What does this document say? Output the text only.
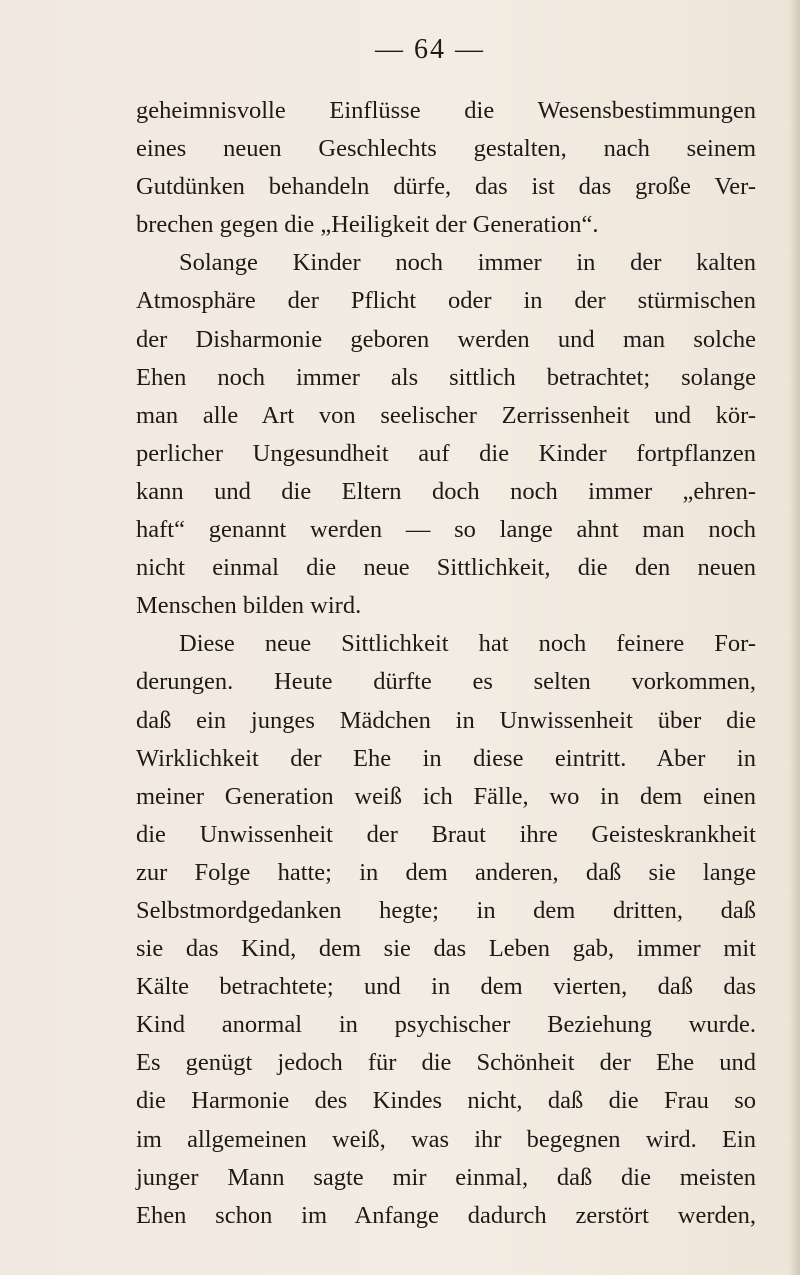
— 64 —
geheimnisvolle Einflüsse die Wesensbestimmungen
eines neuen Geschlechts gestalten, nach seinem
Gutdünken behandeln dürfe, das ist das große Ver-
brechen gegen die „Heiligkeit der Generation“.
Solange Kinder noch immer in der kalten
Atmosphäre der Pflicht oder in der stürmischen
der Disharmonie geboren werden und man solche
Ehen noch immer als sittlich betrachtet; solange
man alle Art von seelischer Zerrissenheit und kör-
perlicher Ungesundheit auf die Kinder fortpflanzen
kann und die Eltern doch noch immer „ehren-
haft“ genannt werden — so lange ahnt man noch
nicht einmal die neue Sittlichkeit, die den neuen
Menschen bilden wird.
Diese neue Sittlichkeit hat noch feinere For-
derungen. Heute dürfte es selten vorkommen,
daß ein junges Mädchen in Unwissenheit über die
Wirklichkeit der Ehe in diese eintritt. Aber in
meiner Generation weiß ich Fälle, wo in dem einen
die Unwissenheit der Braut ihre Geisteskrankheit
zur Folge hatte; in dem anderen, daß sie lange
Selbstmordgedanken hegte; in dem dritten, daß
sie das Kind, dem sie das Leben gab, immer mit
Kälte betrachtete; und in dem vierten, daß das
Kind anormal in psychischer Beziehung wurde.
Es genügt jedoch für die Schönheit der Ehe und
die Harmonie des Kindes nicht, daß die Frau so
im allgemeinen weiß, was ihr begegnen wird. Ein
junger Mann sagte mir einmal, daß die meisten
Ehen schon im Anfange dadurch zerstört werden,
